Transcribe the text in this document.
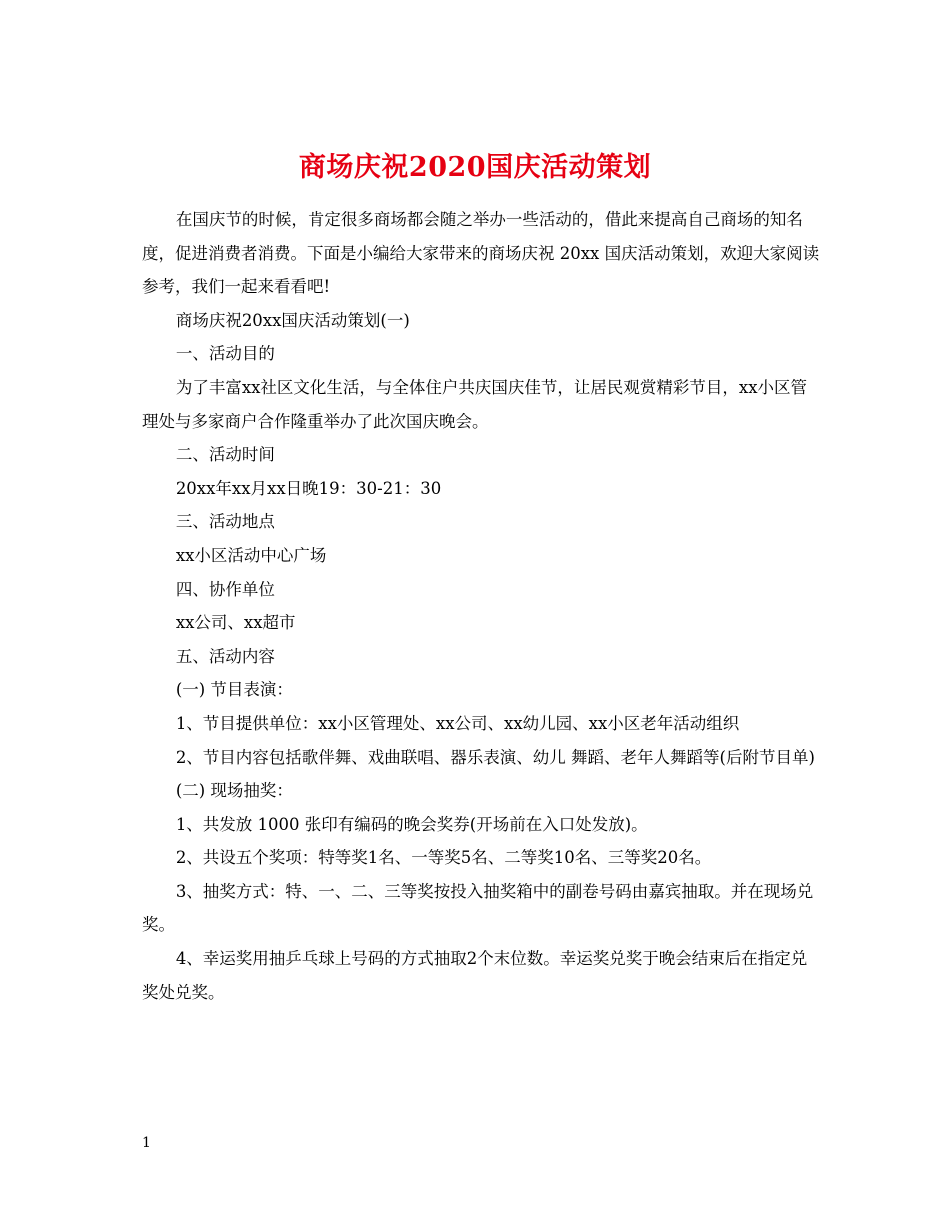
商场庆祝2020国庆活动策划

在国庆节的时候，肯定很多商场都会随之举办一些活动的，借此来提高自己商场的知名度，促进消费者消费。下面是小编给大家带来的商场庆祝 20xx 国庆活动策划，欢迎大家阅读参考，我们一起来看看吧!

商场庆祝20xx国庆活动策划(一)

一、活动目的

为了丰富xx社区文化生活，与全体住户共庆国庆佳节，让居民观赏精彩节目，xx小区管理处与多家商户合作隆重举办了此次国庆晚会。

二、活动时间

20xx年xx月xx日晚19：30-21：30

三、活动地点

xx小区活动中心广场

四、协作单位

xx公司、xx超市

五、活动内容

(一) 节目表演：

1、节目提供单位：xx小区管理处、xx公司、xx幼儿园、xx小区老年活动组织

2、节目内容包括歌伴舞、戏曲联唱、器乐表演、幼儿 舞蹈、老年人舞蹈等(后附节目单)

(二) 现场抽奖：

1、共发放 1000 张印有编码的晚会奖券(开场前在入口处发放)。

2、共设五个奖项：特等奖1名、一等奖5名、二等奖10名、三等奖20名。

3、抽奖方式：特、一、二、三等奖按投入抽奖箱中的副卷号码由嘉宾抽取。并在现场兑奖。

4、幸运奖用抽乒乓球上号码的方式抽取2个末位数。幸运奖兑奖于晚会结束后在指定兑奖处兑奖。

1
